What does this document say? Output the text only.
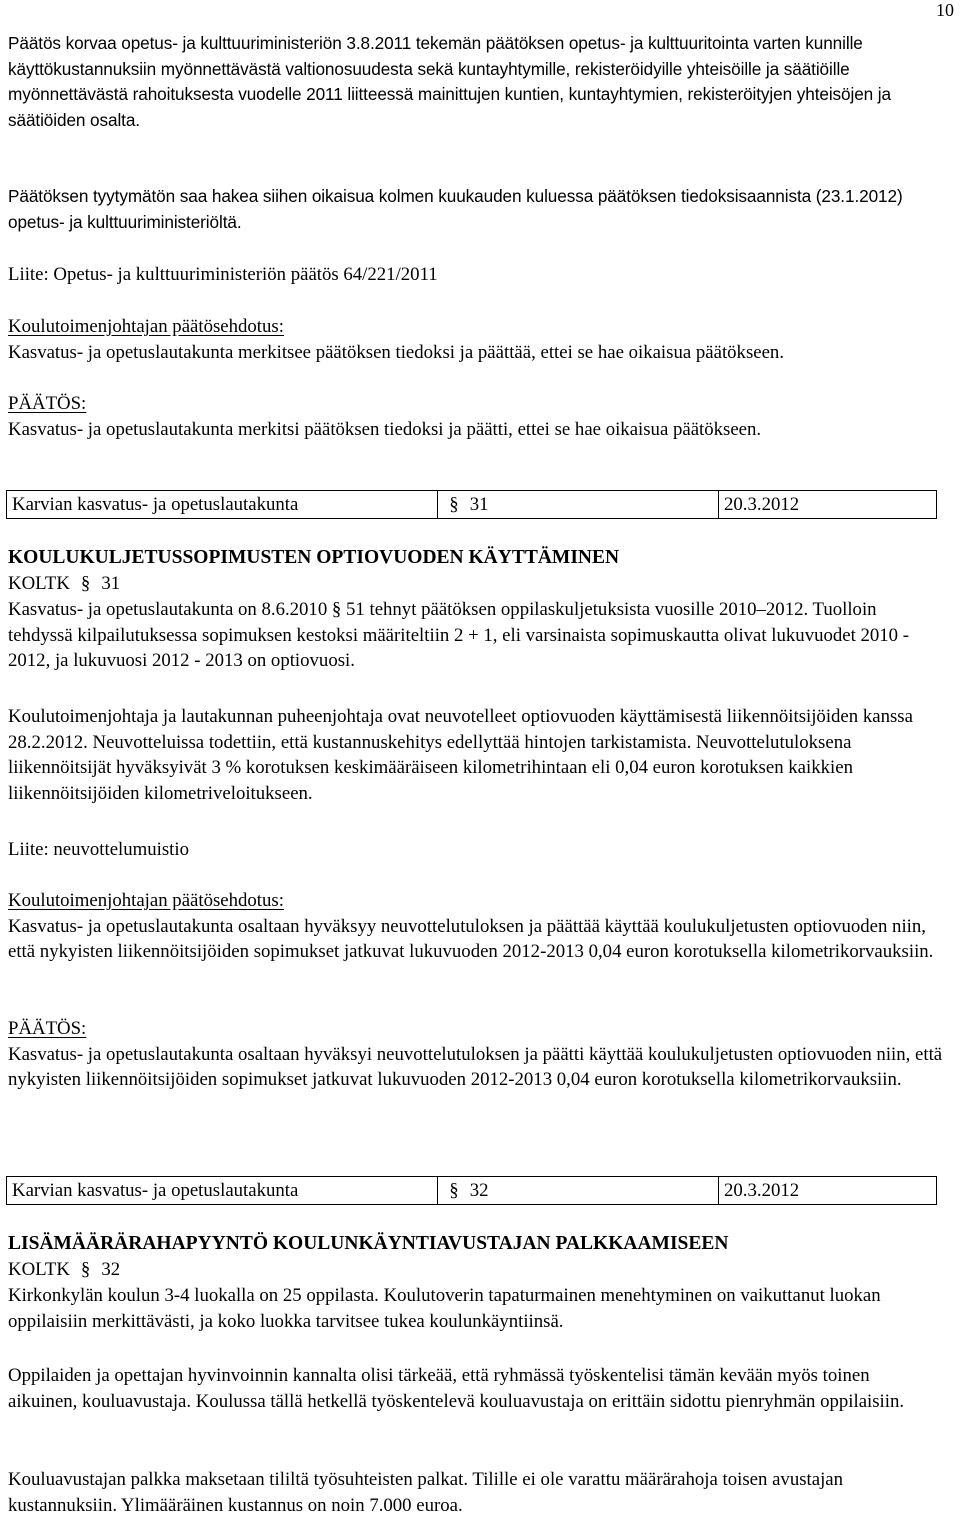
10
Päätös korvaa opetus- ja kulttuuriministeriön 3.8.2011 tekemän päätöksen opetus- ja kulttuuritointa varten kunnille käyttökustannuksiin myönnettävästä valtionosuudesta sekä kuntayhtymille, rekisteröidyille yhteisöille ja säätiöille myönnettävästä rahoituksesta vuodelle 2011 liitteessä mainittujen kuntien, kuntayhtymien, rekisteröityjen yhteisöjen ja säätiöiden osalta.
Päätöksen tyytymätön saa hakea siihen oikaisua kolmen kuukauden kuluessa päätöksen tiedoksisaannista (23.1.2012) opetus- ja kulttuuriministeriöltä.
Liite: Opetus- ja kulttuuriministeriön päätös 64/221/2011

Koulutoimenjohtajan päätösehdotus:

Kasvatus- ja opetuslautakunta merkitsee päätöksen tiedoksi ja päättää, ettei se hae oikaisua päätökseen.

PÄÄTÖS:

Kasvatus- ja opetuslautakunta merkitsi päätöksen tiedoksi ja päätti, ettei se hae oikaisua päätökseen.

Karvian kasvatus- ja opetuslautakunta	§ 31	20.3.2012
KOULUKULJETUSSOPIMUSTEN OPTIOVUODEN KÄYTTÄMINEN
KOLTK § 31
Kasvatus- ja opetuslautakunta on 8.6.2010 § 51 tehnyt päätöksen oppilaskuljetuksista vuosille 2010–2012. Tuolloin tehdyssä kilpailutuksessa sopimuksen kestoksi määriteltiin 2 + 1, eli varsinaista sopimuskautta olivat lukuvuodet 2010 - 2012, ja lukuvuosi 2012 - 2013 on optiovuosi.
Koulutoimenjohtaja ja lautakunnan puheenjohtaja ovat neuvotelleet optiovuoden käyttämisestä liikennöitsijöiden kanssa 28.2.2012. Neuvotteluissa todettiin, että kustannuskehitys edellyttää hintojen tarkistamista. Neuvottelutuloksena liikennöitsijät hyväksyivät 3 % korotuksen keskimääräiseen kilometrihintaan eli 0,04 euron korotuksen kaikkien liikennöitsijöiden kilometriveloitukseen.
Liite: neuvottelumuistio

Koulutoimenjohtajan päätösehdotus:

Kasvatus- ja opetuslautakunta osaltaan hyväksyy neuvottelutuloksen ja päättää käyttää koulukuljetusten optiovuoden niin, että nykyisten liikennöitsijöiden sopimukset jatkuvat lukuvuoden 2012-2013 0,04 euron korotuksella kilometrikorvauksiin.

PÄÄTÖS:

Kasvatus- ja opetuslautakunta osaltaan hyväksyi neuvottelutuloksen ja päätti käyttää koulukuljetusten optiovuoden niin, että nykyisten liikennöitsijöiden sopimukset jatkuvat lukuvuoden 2012-2013 0,04 euron korotuksella kilometrikorvauksiin.

Karvian kasvatus- ja opetuslautakunta	§ 32	20.3.2012
LISÄMÄÄRÄRAHAPYYNTÖ KOULUNKÄYNTIAVUSTAJAN PALKKAAMISEEN
KOLTK § 32
Kirkonkylän koulun 3-4 luokalla on 25 oppilasta. Koulutoverin tapaturmainen menehtyminen on vaikuttanut luokan oppilaisiin merkittävästi, ja koko luokka tarvitsee tukea koulunkäyntiinsä.
Oppilaiden ja opettajan hyvinvoinnin kannalta olisi tärkeää, että ryhmässä työskentelisi tämän kevään myös toinen aikuinen, kouluavustaja. Koulussa tällä hetkellä työskentelevä kouluavustaja on erittäin sidottu pienryhmän oppilaisiin.
Kouluavustajan palkka maksetaan tililtä työsuhteisten palkat. Tilille ei ole varattu määrärahoja toisen avustajan kustannuksiin. Ylimääräinen kustannus on noin 7.000 euroa.
